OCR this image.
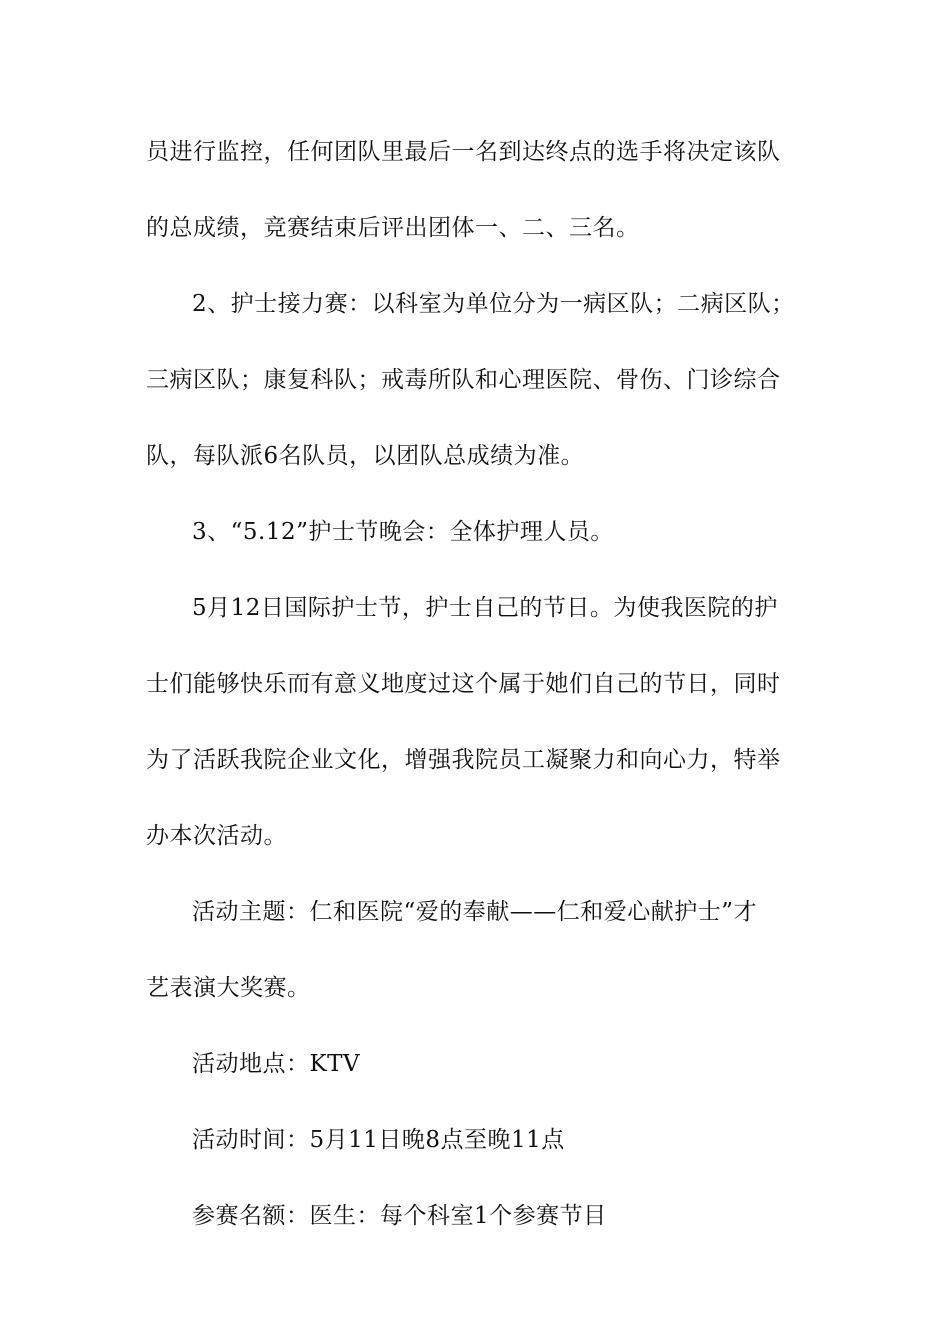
员进行监控，任何团队里最后一名到达终点的选手将决定该队
的总成绩，竞赛结束后评出团体一、二、三名。
2、护士接力赛：以科室为单位分为一病区队；二病区队；
三病区队；康复科队；戒毒所队和心理医院、骨伤、门诊综合
队，每队派6名队员，以团队总成绩为准。
3、“5.12”护士节晚会：全体护理人员。
5月12日国际护士节，护士自己的节日。为使我医院的护
士们能够快乐而有意义地度过这个属于她们自己的节日，同时
为了活跃我院企业文化，增强我院员工凝聚力和向心力，特举
办本次活动。
活动主题：仁和医院“爱的奉献——仁和爱心献护士”才
艺表演大奖赛。
活动地点：KTV
活动时间：5月11日晚8点至晚11点
参赛名额：医生：每个科室1个参赛节目
